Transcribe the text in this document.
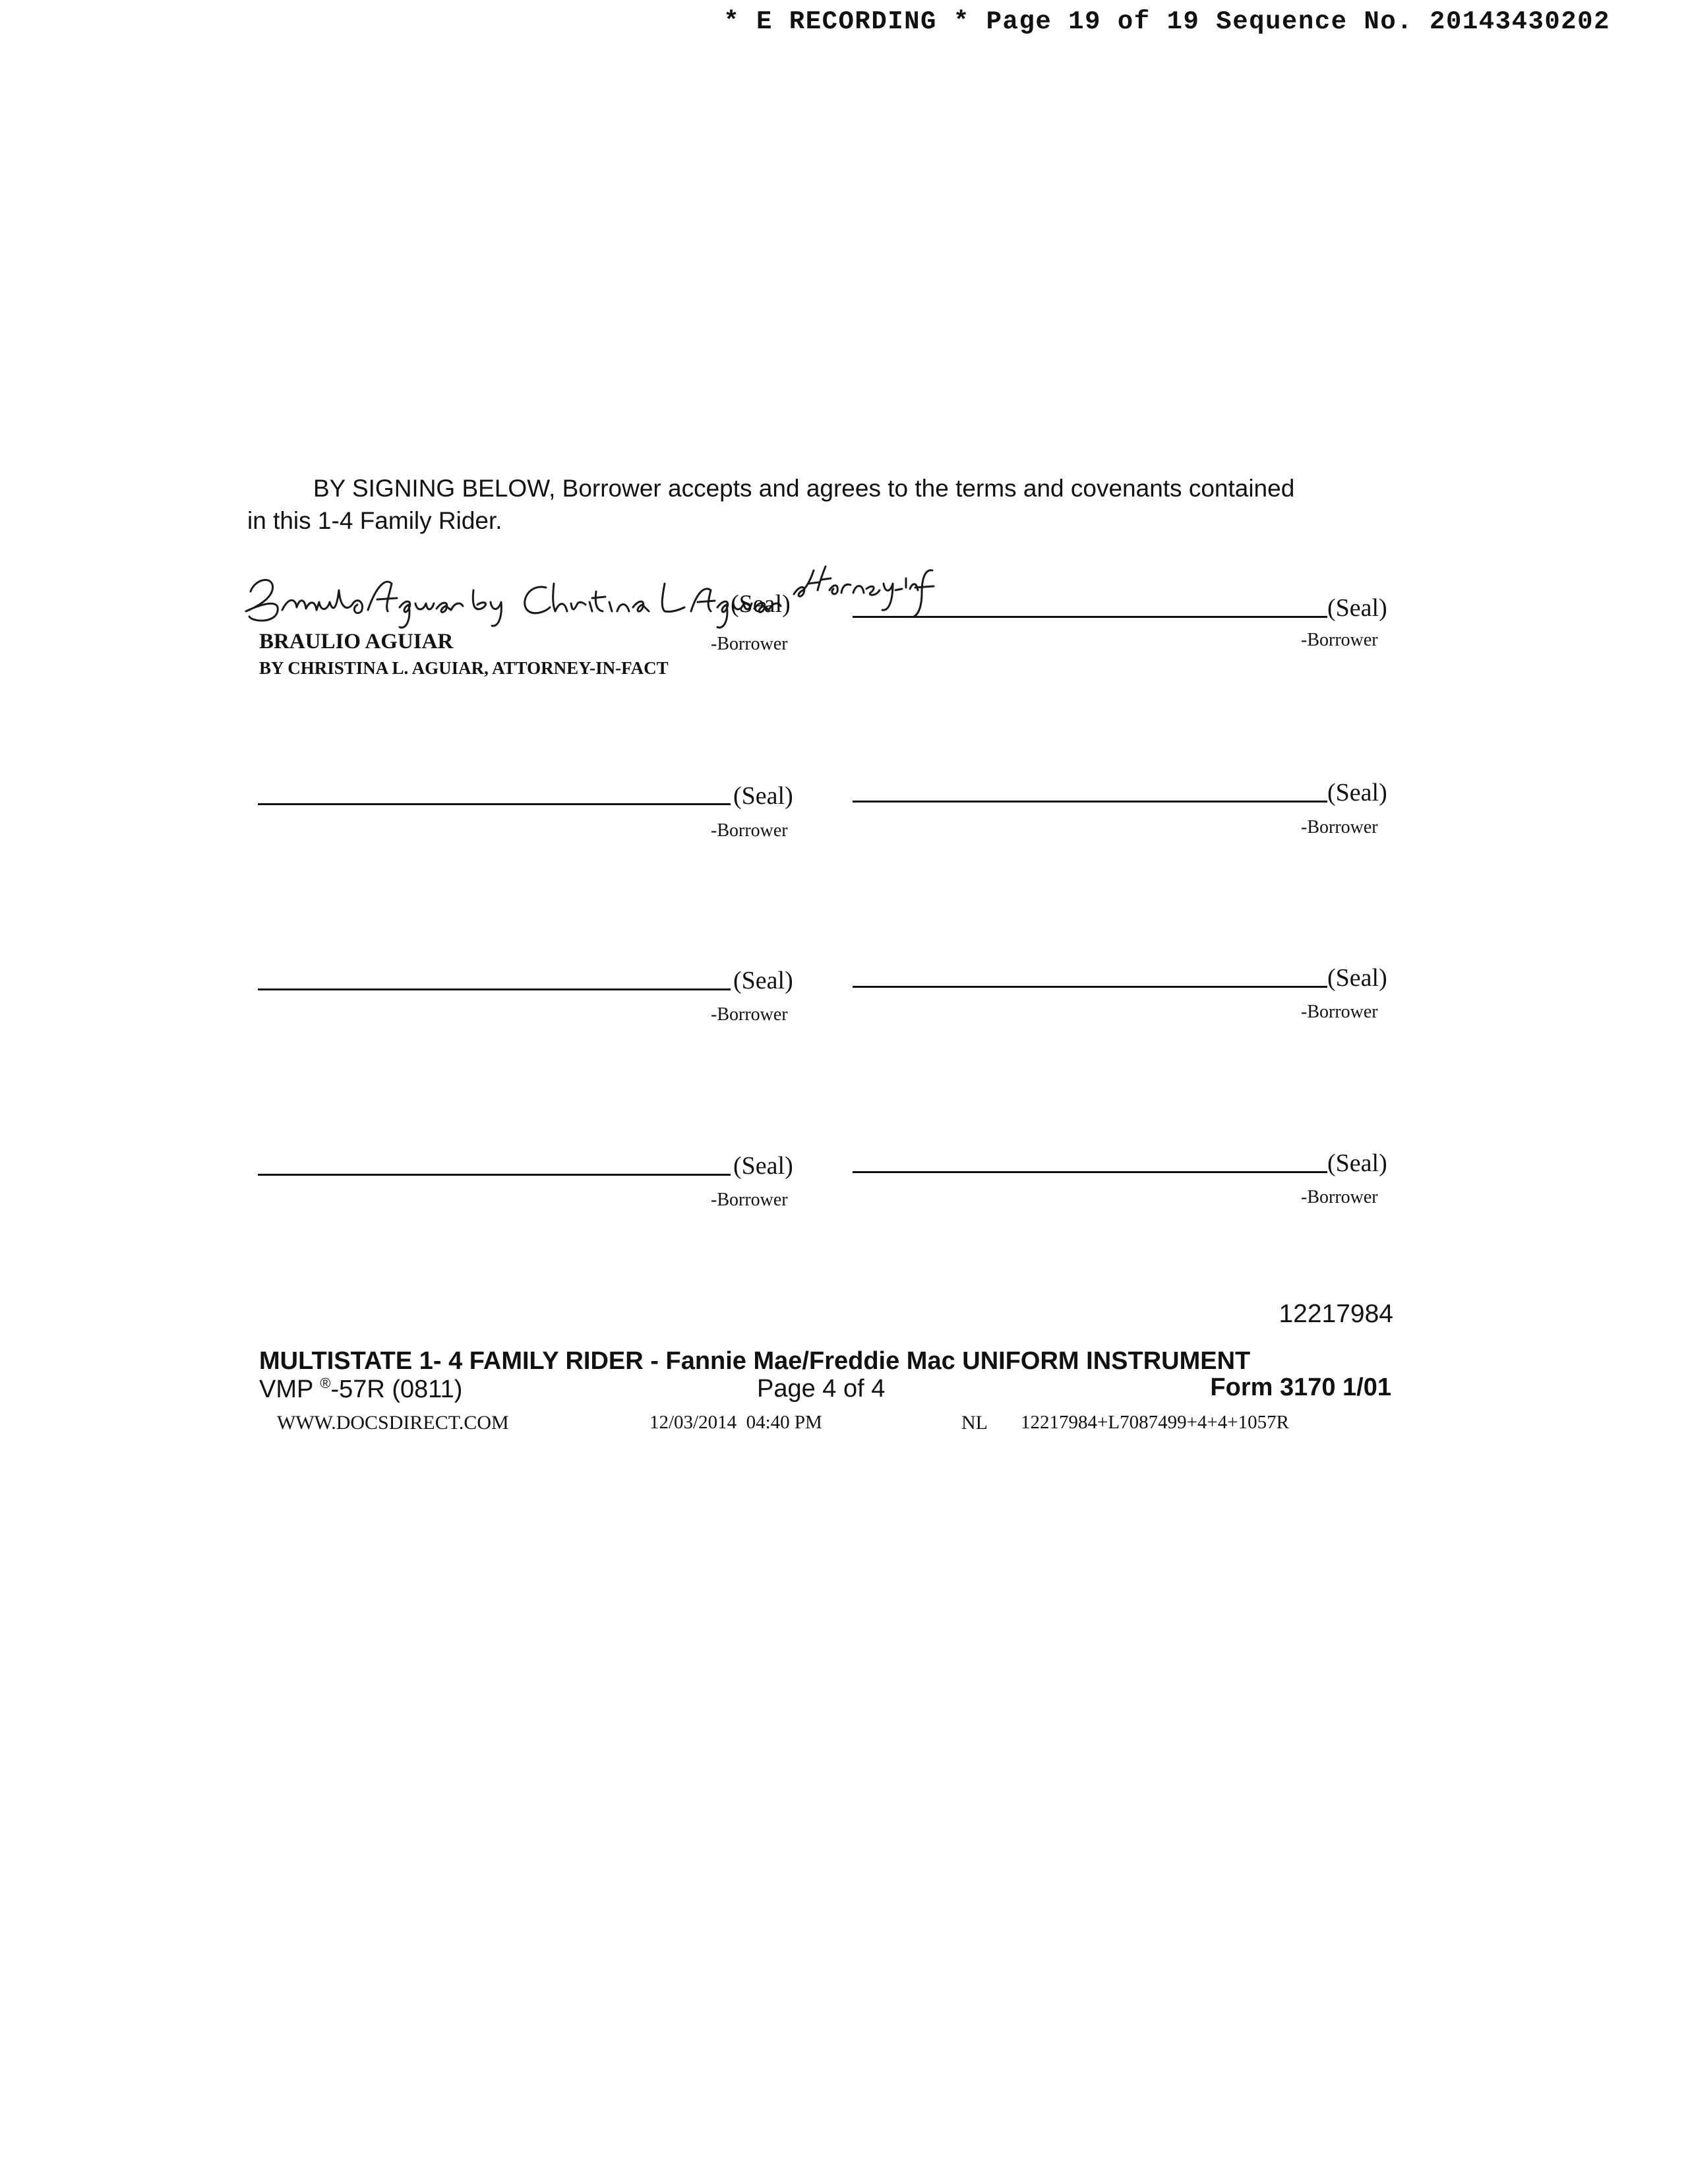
* E RECORDING * Page 19 of 19 Sequence No. 20143430202
BY SIGNING BELOW, Borrower accepts and agrees to the terms and covenants contained
in this 1-4 Family Rider.
(Seal)
-Borrower
(Seal)
-Borrower
BRAULIO AGUIAR
BY CHRISTINA L. AGUIAR, ATTORNEY-IN-FACT
(Seal)
-Borrower
(Seal)
-Borrower
(Seal)
-Borrower
(Seal)
-Borrower
(Seal)
-Borrower
(Seal)
-Borrower
12217984
MULTISTATE 1- 4 FAMILY RIDER - Fannie Mae/Freddie Mac UNIFORM INSTRUMENT
VMP ®-57R (0811)	Page 4 of 4	Form 3170 1/01
WWW.DOCSDIRECT.COM	12/03/2014  04:40 PM	NL 12217984+L7087499+4+4+1057R
